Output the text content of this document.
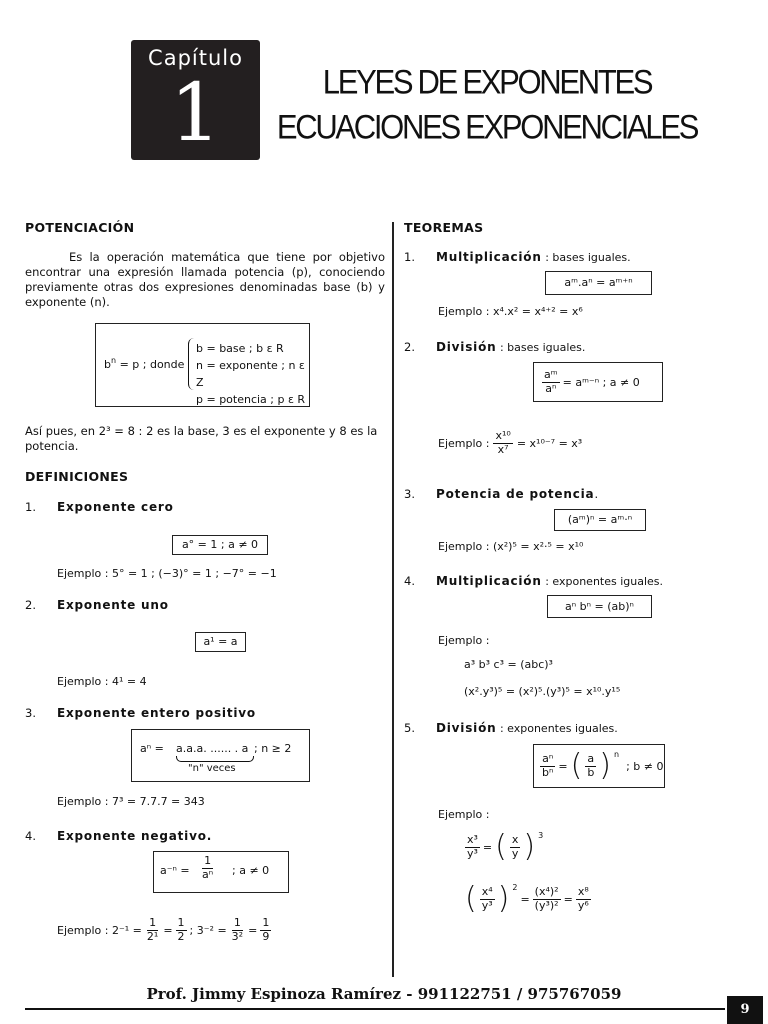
Capítulo
1	LEYES DE EXPONENTES
ECUACIONES EXPONENCIALES
POTENCIACIÓN
Es la operación matemática que tiene por objetivo encontrar una expresión llamada potencia (p), conociendo previamente otras dos expresiones denominadas base (b) y exponente (n).
$b^n = p$ ; donde
b = base ; b ε R
n = exponente ; n ε Z
p = potencia ; p ε R
Así pues, en 2³ = 8 : 2 es la base, 3 es el exponente y 8 es la potencia.
DEFINICIONES
1. Exponente cero
a° = 1 ; a ≠ 0
Ejemplo : 5° = 1 ; (−3)° = 1 ; −7° = −1
2. Exponente uno
a¹ = a
Ejemplo : 4¹ = 4
3. Exponente entero positivo
aⁿ = a.a.a. ...... . a
"n" veces
; n ≥ 2
Ejemplo : 7³ = 7.7.7 = 343
4. Exponente negativo.
$a^{-n} = \frac{1}{\text{aⁿ}}$ ; a ≠ 0
Ejemplo : $2^{-1} = \frac{1}{\text{2¹}} = \frac{1}{2}$ ; $3^{-2} = \frac{1}{\text{3²}} = \frac{1}{9}$
TEOREMAS
1. Multiplicación : bases iguales.
aᵐ.aⁿ = aᵐ⁺ⁿ
Ejemplo : x⁴.x² = x⁴⁺² = x⁶
2. División : bases iguales.
$\frac{\text{aᵐ}}{\text{aⁿ}}$ = aᵐ⁻ⁿ ; a ≠ 0
Ejemplo : $\frac{\text{x¹⁰}}{\text{x⁷}} = x^{10-7} = x^3$
3. Potencia de potencia.
(aᵐ)ⁿ = aᵐ·ⁿ
Ejemplo : (x²)⁵ = x²·⁵ = x¹⁰
4. Multiplicación : exponentes iguales.
aⁿ bⁿ = (ab)ⁿ
Ejemplo :
a³ b³ c³ = (abc)³
(x².y³)⁵ = (x²)⁵.(y³)⁵ = x¹⁰.y¹⁵
5. División : exponentes iguales.
$\frac{\text{aⁿ}}{\text{bⁿ}}$ = ( $\frac{a}{b}$ ) $^n$
; b ≠ 0
Ejemplo :
$\frac{\text{x³}}{\text{y³}}$ = ( $\frac{x}{y}$ ) $^3$
( $\frac{\text{x⁴}}{\text{y³}}$ ) $^2$
= $\frac{\text{(x⁴)²}}{\text{(y³)²}} = \frac{\text{x⁸}}{\text{y⁶}}$
Prof. Jimmy Espinoza Ramírez - 991122751 / 975767059
9
